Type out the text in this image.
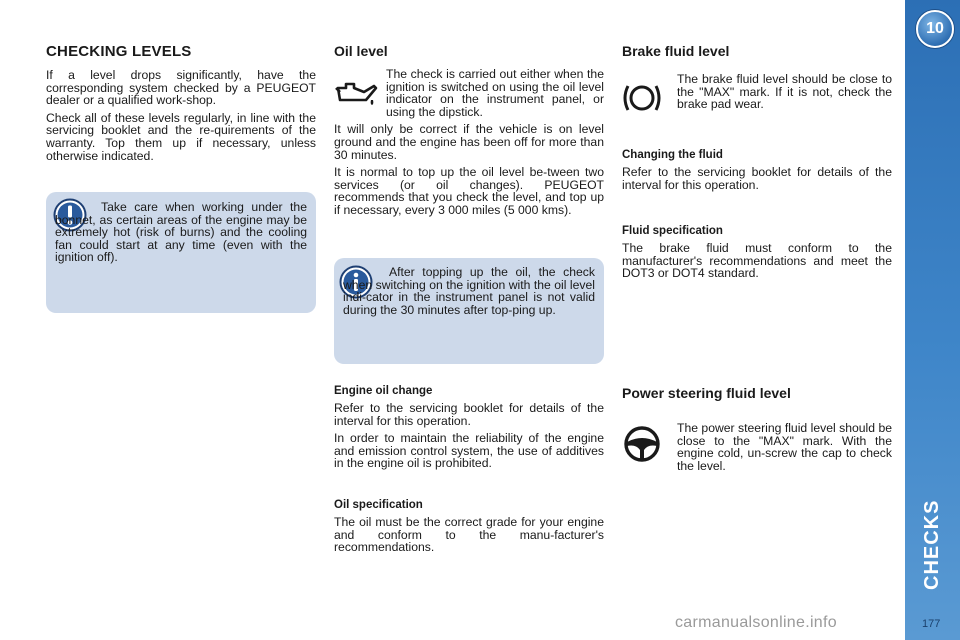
CHECKING LEVELS

If a level drops significantly, have the corresponding system checked by a PEUGEOT dealer or a qualified work-shop.

Check all of these levels regularly, in line with the servicing booklet and the re-quirements of the warranty. Top them up if necessary, unless otherwise indicated.

Take care when working under the bonnet, as certain areas of the engine may be extremely hot (risk of burns) and the cooling fan could start at any time (even with the ignition off).

Oil level

The check is carried out either when the ignition is switched on using the oil level indicator on the instrument panel, or using the dipstick.

It will only be correct if the vehicle is on level ground and the engine has been off for more than 30 minutes.

It is normal to top up the oil level be-tween two services (or oil changes). PEUGEOT recommends that you check the level, and top up if necessary, every 3 000 miles (5 000 kms).

After topping up the oil, the check when switching on the ignition with the oil level indi-cator in the instrument panel is not valid during the 30 minutes after top-ping up.

Engine oil change

Refer to the servicing booklet for details of the interval for this operation.

In order to maintain the reliability of the engine and emission control system, the use of additives in the engine oil is prohibited.

Oil specification

The oil must be the correct grade for your engine and conform to the manu-facturer's recommendations.

Brake fluid level

The brake fluid level should be close to the "MAX" mark. If it is not, check the brake pad wear.

Changing the fluid

Refer to the servicing booklet for details of the interval for this operation.

Fluid specification

The brake fluid must conform to the manufacturer's recommendations and meet the DOT3 or DOT4 standard.

Power steering fluid level

The power steering fluid level should be close to the "MAX" mark. With the engine cold, un-screw the cap to check the level.

10
CHECKS
177
carmanualsonline.info
